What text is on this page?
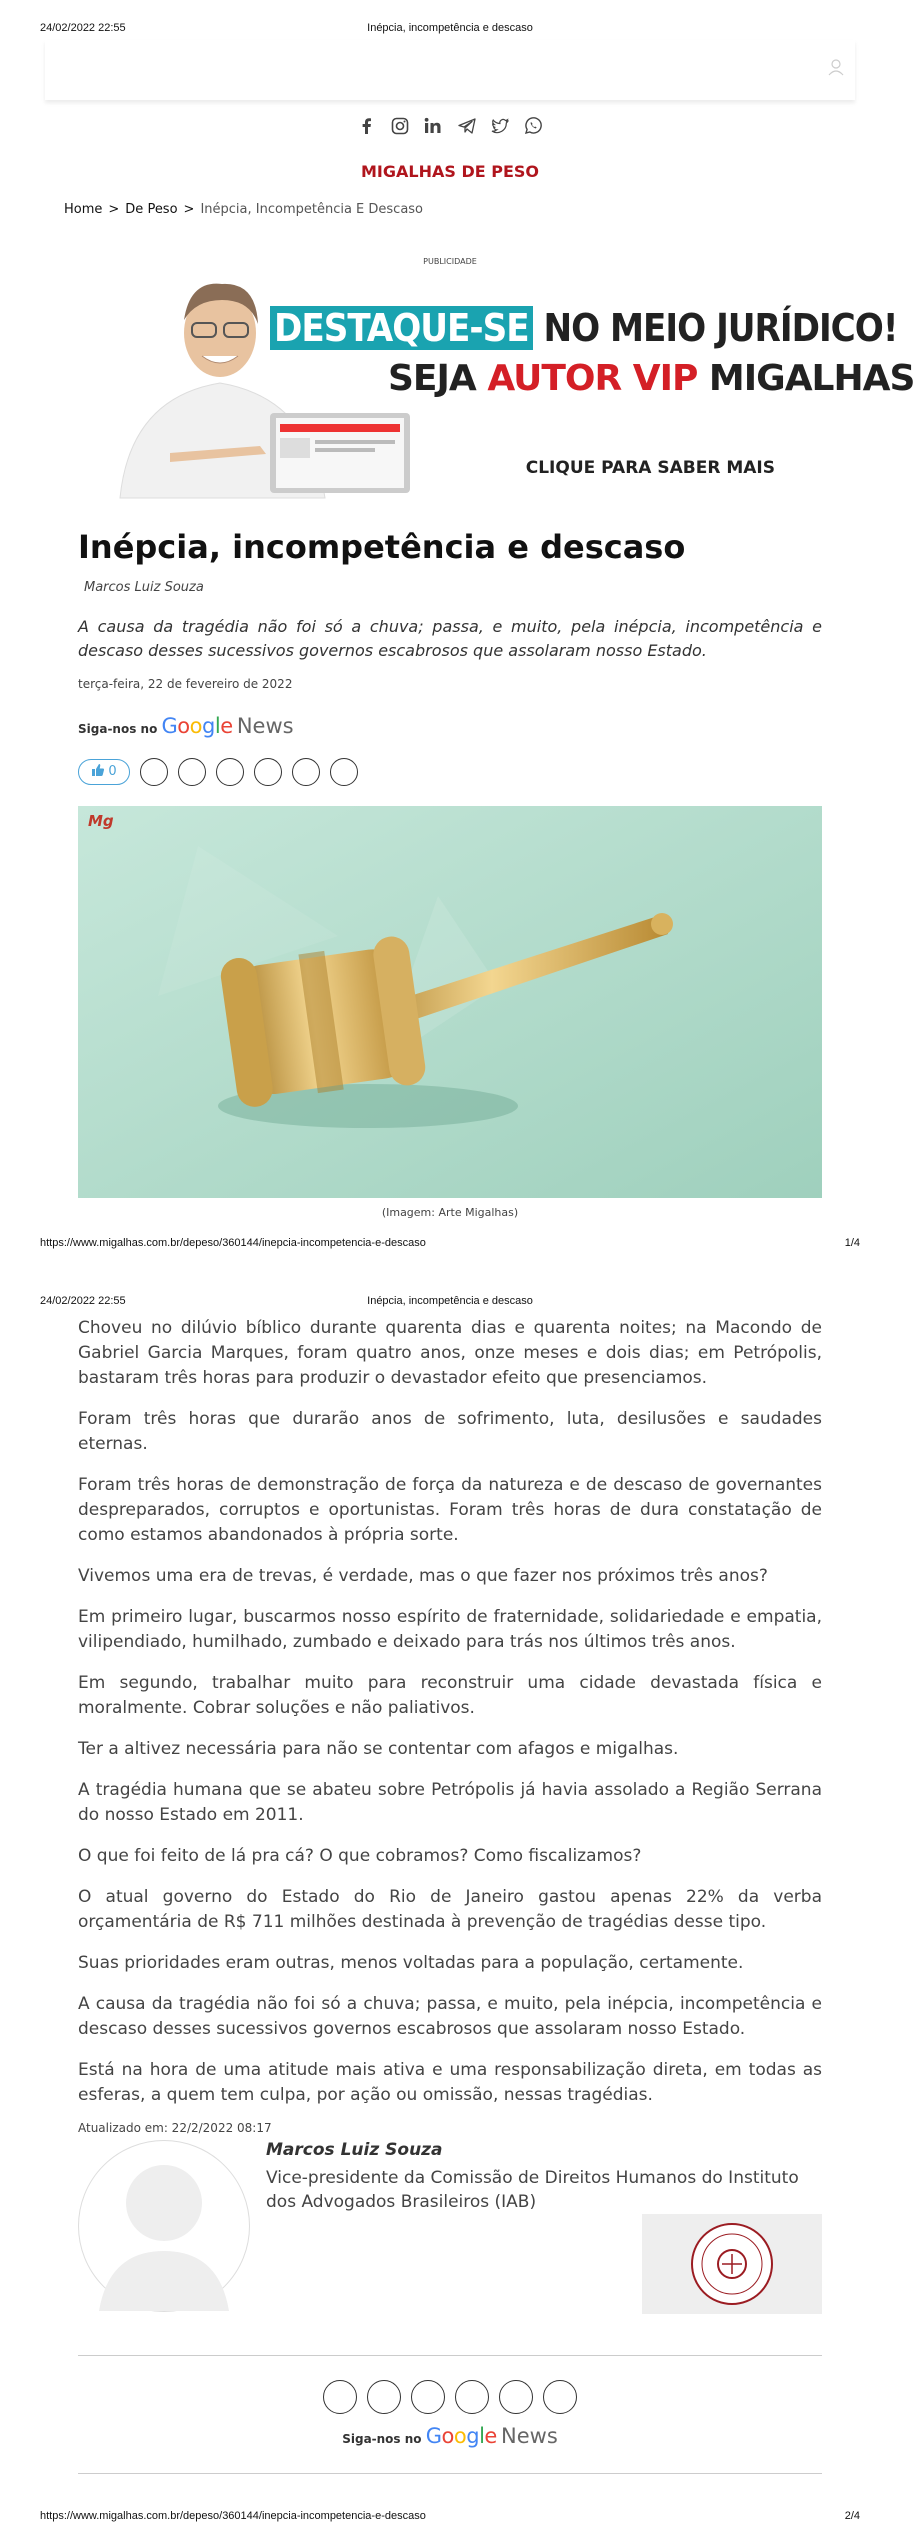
24/02/2022 22:55	Inépcia, incompetência e descaso

MIGALHAS DE PESO
Home > De Peso > Inépcia, Incompetência E Descaso
PUBLICIDADE
DESTAQUE-SE NO MEIO JURÍDICO!
SEJA AUTOR VIP MIGALHAS
CLIQUE PARA SABER MAIS
Inépcia, incompetência e descaso
Marcos Luiz Souza
A causa da tragédia não foi só a chuva; passa, e muito, pela inépcia, incompetência e descaso desses sucessivos governos escabrosos que assolaram nosso Estado.
terça-feira, 22 de fevereiro de 2022
Siga-nos no Google News
0
Mg
(Imagem: Arte Migalhas)
https://www.migalhas.com.br/depeso/360144/inepcia-incompetencia-e-descaso	1/4
24/02/2022 22:55	Inépcia, incompetência e descaso

Choveu no dilúvio bíblico durante quarenta dias e quarenta noites; na Macondo de Gabriel Garcia Marques, foram quatro anos, onze meses e dois dias; em Petrópolis, bastaram três horas para produzir o devastador efeito que presenciamos.

Foram três horas que durarão anos de sofrimento, luta, desilusões e saudades eternas.

Foram três horas de demonstração de força da natureza e de descaso de governantes despreparados, corruptos e oportunistas. Foram três horas de dura constatação de como estamos abandonados à própria sorte.

Vivemos uma era de trevas, é verdade, mas o que fazer nos próximos três anos?

Em primeiro lugar, buscarmos nosso espírito de fraternidade, solidariedade e empatia, vilipendiado, humilhado, zumbado e deixado para trás nos últimos três anos.

Em segundo, trabalhar muito para reconstruir uma cidade devastada física e moralmente. Cobrar soluções e não paliativos.

Ter a altivez necessária para não se contentar com afagos e migalhas.

A tragédia humana que se abateu sobre Petrópolis já havia assolado a Região Serrana do nosso Estado em 2011.

O que foi feito de lá pra cá? O que cobramos? Como fiscalizamos?

O atual governo do Estado do Rio de Janeiro gastou apenas 22% da verba orçamentária de R$ 711 milhões destinada à prevenção de tragédias desse tipo.

Suas prioridades eram outras, menos voltadas para a população, certamente.

A causa da tragédia não foi só a chuva; passa, e muito, pela inépcia, incompetência e descaso desses sucessivos governos escabrosos que assolaram nosso Estado.

Está na hora de uma atitude mais ativa e uma responsabilização direta, em todas as esferas, a quem tem culpa, por ação ou omissão, nessas tragédias.

Atualizado em: 22/2/2022 08:17
Marcos Luiz Souza
Vice-presidente da Comissão de Direitos Humanos do Instituto dos Advogados Brasileiros (IAB)
Siga-nos no Google News
https://www.migalhas.com.br/depeso/360144/inepcia-incompetencia-e-descaso	2/4
